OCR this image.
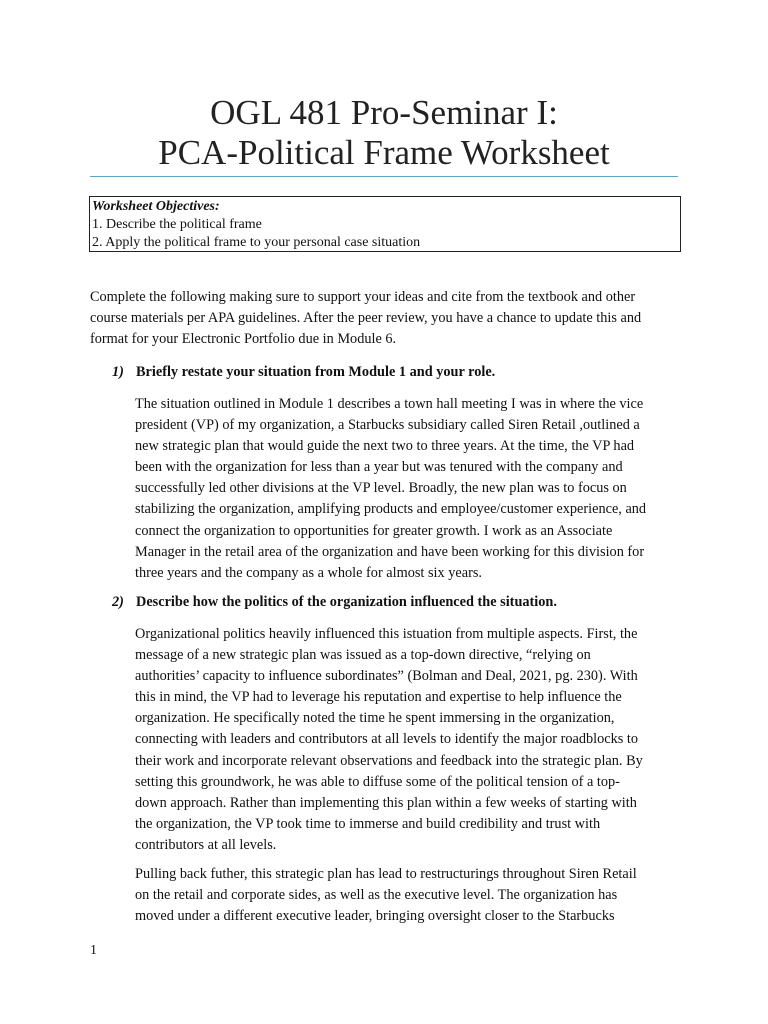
OGL 481 Pro-Seminar I:
PCA-Political Frame Worksheet
Worksheet Objectives:
1. Describe the political frame
2. Apply the political frame to your personal case situation
Complete the following making sure to support your ideas and cite from the textbook and other
course materials per APA guidelines. After the peer review, you have a chance to update this and
format for your Electronic Portfolio due in Module 6.
1) Briefly restate your situation from Module 1 and your role.
The situation outlined in Module 1 describes a town hall meeting I was in where the vice
president (VP) of my organization, a Starbucks subsidiary called Siren Retail ,outlined a
new strategic plan that would guide the next two to three years. At the time, the VP had
been with the organization for less than a year but was tenured with the company and
successfully led other divisions at the VP level. Broadly, the new plan was to focus on
stabilizing the organization, amplifying products and employee/customer experience, and
connect the organization to opportunities for greater growth. I work as an Associate
Manager in the retail area of the organization and have been working for this division for
three years and the company as a whole for almost six years.
2) Describe how the politics of the organization influenced the situation.
Organizational politics heavily influenced this istuation from multiple aspects. First, the
message of a new strategic plan was issued as a top-down directive, “relying on
authorities’ capacity to influence subordinates” (Bolman and Deal, 2021, pg. 230). With
this in mind, the VP had to leverage his reputation and expertise to help influence the
organization. He specifically noted the time he spent immersing in the organization,
connecting with leaders and contributors at all levels to identify the major roadblocks to
their work and incorporate relevant observations and feedback into the strategic plan. By
setting this groundwork, he was able to diffuse some of the political tension of a top-
down approach. Rather than implementing this plan within a few weeks of starting with
the organization, the VP took time to immerse and build credibility and trust with
contributors at all levels.
Pulling back futher, this strategic plan has lead to restructurings throughout Siren Retail
on the retail and corporate sides, as well as the executive level. The organization has
moved under a different executive leader, bringing oversight closer to the Starbucks
1
